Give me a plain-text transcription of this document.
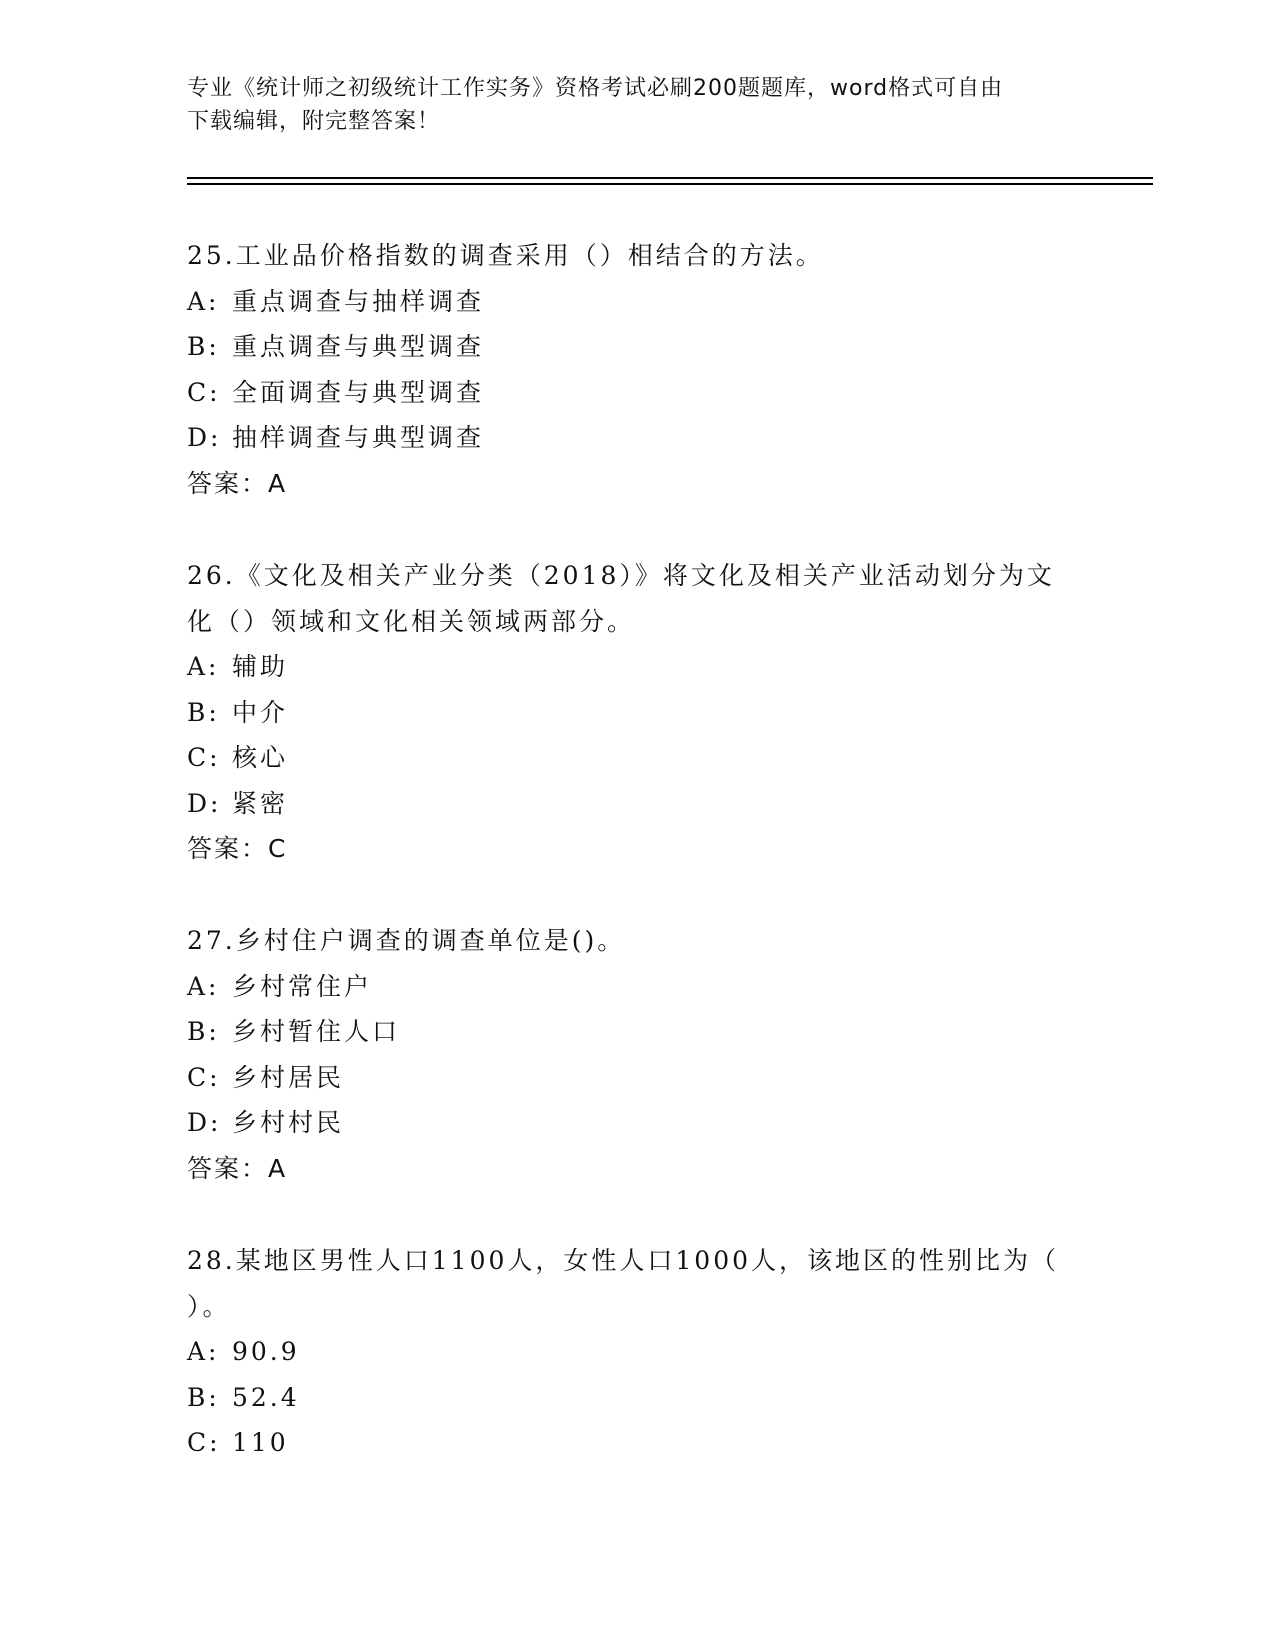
专业《统计师之初级统计工作实务》资格考试必刷200题题库，word格式可自由
下载编辑，附完整答案！
25.工业品价格指数的调查采用（）相结合的方法。
A: 重点调查与抽样调查
B: 重点调查与典型调查
C: 全面调查与典型调查
D: 抽样调查与典型调查
答案：A
26.《文化及相关产业分类（2018）》将文化及相关产业活动划分为文
化（）领域和文化相关领域两部分。
A: 辅助
B: 中介
C: 核心
D: 紧密
答案：C
27.乡村住户调查的调查单位是()。
A: 乡村常住户
B: 乡村暂住人口
C: 乡村居民
D: 乡村村民
答案：A
28.某地区男性人口1100人，女性人口1000人，该地区的性别比为（
）。
A: 90.9
B: 52.4
C: 110
